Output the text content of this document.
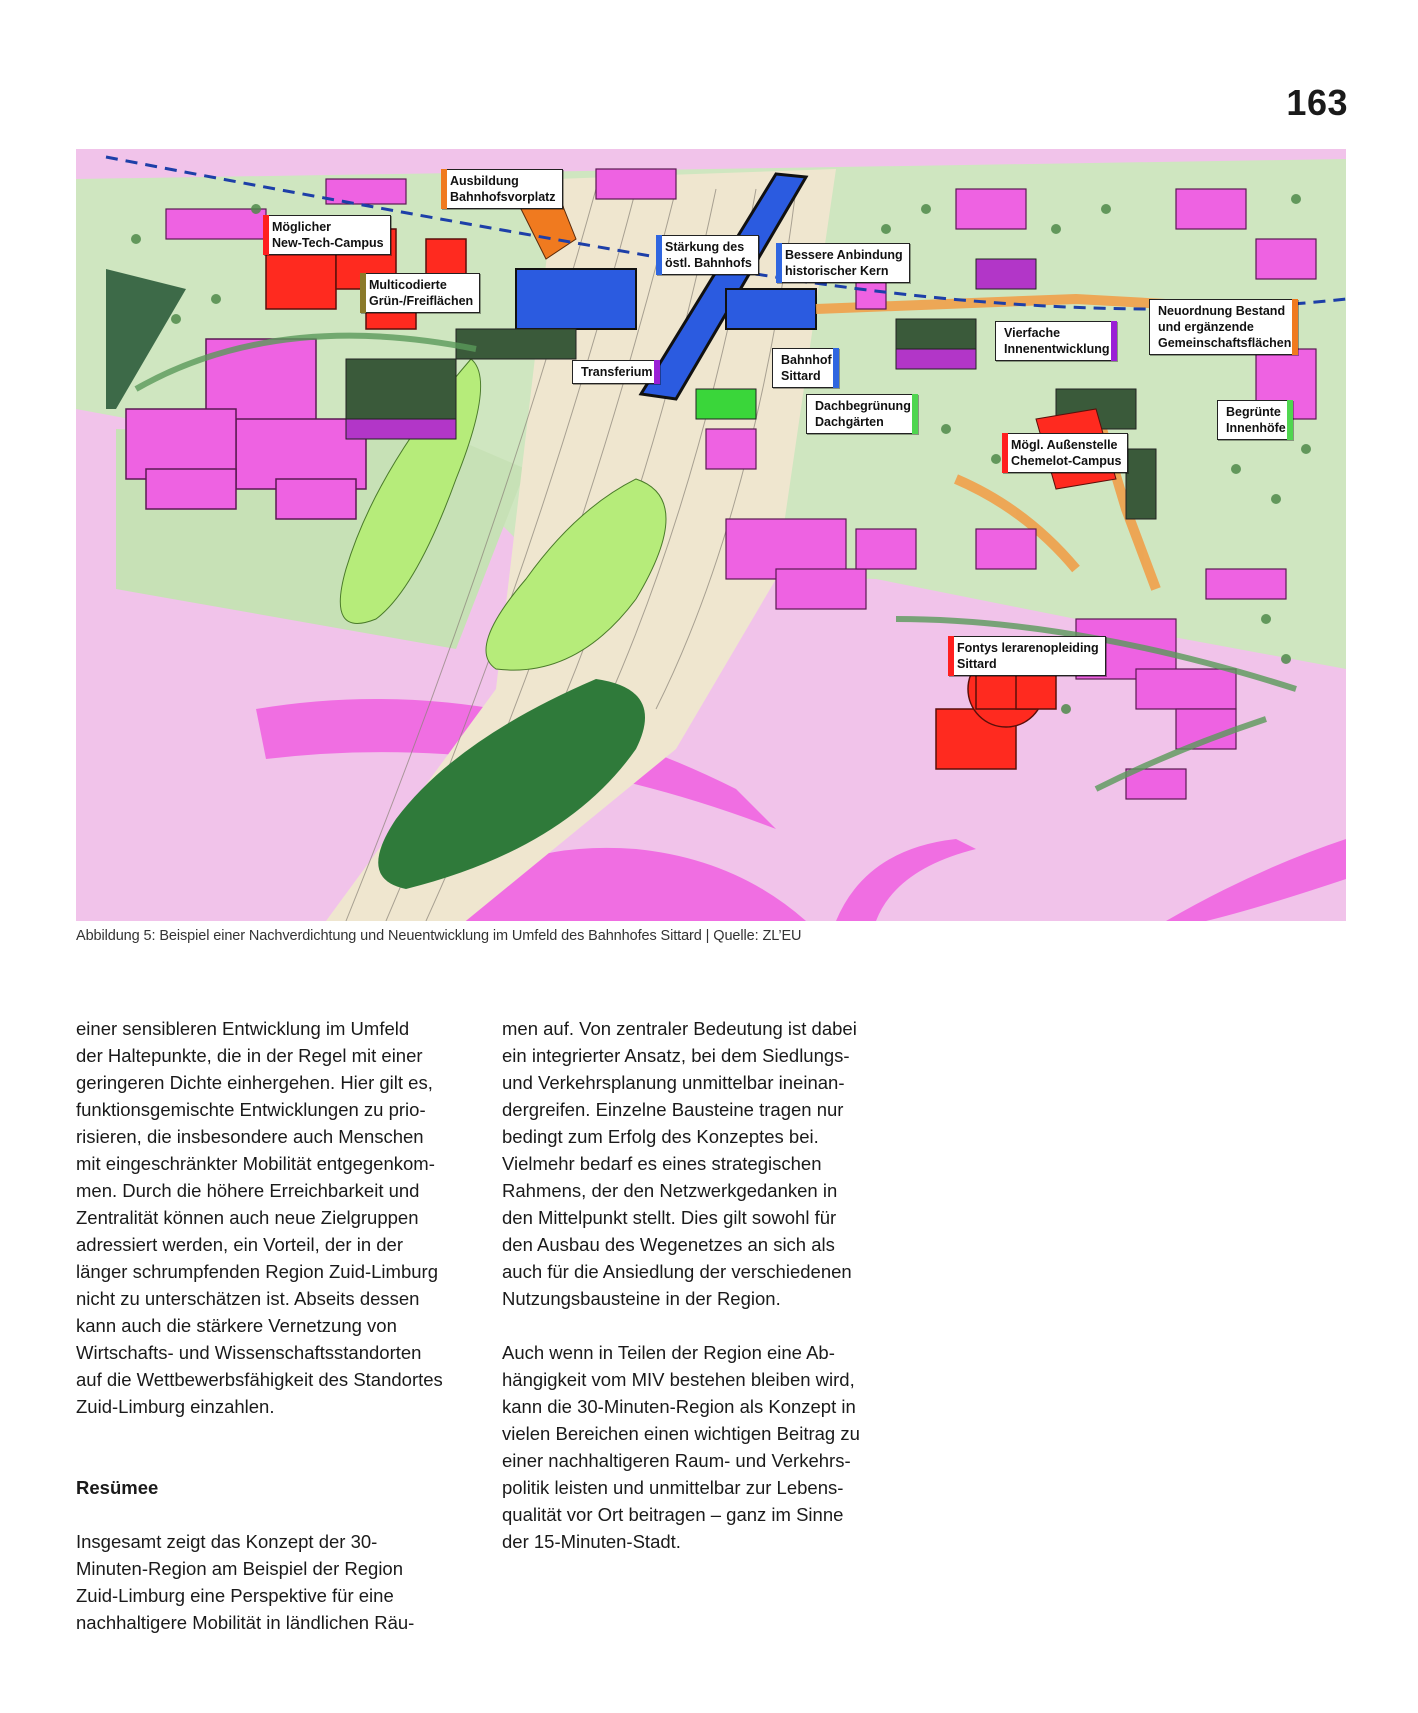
163
Ausbildung
Bahnhofsvorplatz
Möglicher
New-Tech-Campus
Multicodierte
Grün-/Freiflächen
Stärkung des
östl. Bahnhofs
Bessere Anbindung
historischer Kern
Neuordnung Bestand
und ergänzende
Gemeinschaftsflächen
Vierfache
Innenentwicklung
Transferium
Bahnhof
Sittard
Dachbegrünung
Dachgärten
Begrünte
Innenhöfe
Mögl. Außenstelle
Chemelot-Campus
Fontys lerarenopleiding
Sittard
Abbildung 5: Beispiel einer Nachverdichtung und Neuentwicklung im Umfeld des Bahnhofes Sittard | Quelle: ZL’EU

einer sensibleren Entwicklung im Umfeld
der Haltepunkte, die in der Regel mit einer
geringeren Dichte einhergehen. Hier gilt es,
funktionsgemischte Entwicklungen zu prio-
risieren, die insbesondere auch Menschen
mit eingeschränkter Mobilität entgegenkom-
men. Durch die höhere Erreichbarkeit und
Zentralität können auch neue Zielgruppen
adressiert werden, ein Vorteil, der in der
länger schrumpfenden Region Zuid-Limburg
nicht zu unterschätzen ist. Abseits dessen
kann auch die stärkere Vernetzung von
Wirtschafts- und Wissenschaftsstandorten
auf die Wettbewerbsfähigkeit des Standortes
Zuid-Limburg einzahlen.

Resümee

Insgesamt zeigt das Konzept der 30-
Minuten-Region am Beispiel der Region
Zuid-Limburg eine Perspektive für eine
nachhaltigere Mobilität in ländlichen Räu-

men auf. Von zentraler Bedeutung ist dabei
ein integrierter Ansatz, bei dem Siedlungs-
und Verkehrsplanung unmittelbar ineinan-
dergreifen. Einzelne Bausteine tragen nur
bedingt zum Erfolg des Konzeptes bei.
Vielmehr bedarf es eines strategischen
Rahmens, der den Netzwerkgedanken in
den Mittelpunkt stellt. Dies gilt sowohl für
den Ausbau des Wegenetzes an sich als
auch für die Ansiedlung der verschiedenen
Nutzungsbausteine in der Region.

Auch wenn in Teilen der Region eine Ab-
hängigkeit vom MIV bestehen bleiben wird,
kann die 30-Minuten-Region als Konzept in
vielen Bereichen einen wichtigen Beitrag zu
einer nachhaltigeren Raum- und Verkehrs-
politik leisten und unmittelbar zur Lebens-
qualität vor Ort beitragen – ganz im Sinne
der 15-Minuten-Stadt.
